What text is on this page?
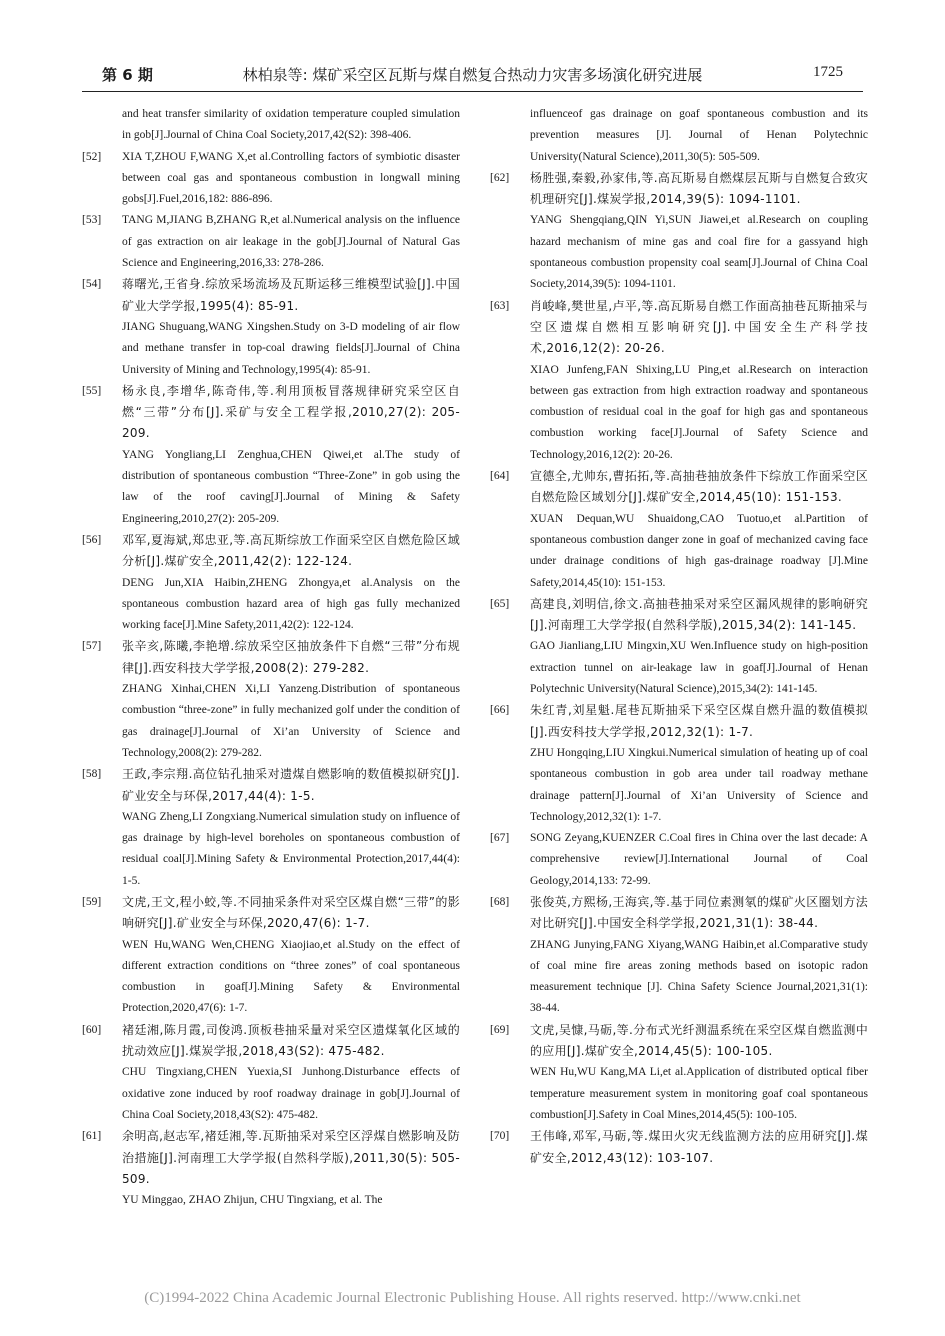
第 6 期	林柏泉等: 煤矿采空区瓦斯与煤自燃复合热动力灾害多场演化研究进展	1725
and heat transfer similarity of oxidation temperature coupled simulation in gob[J].Journal of China Coal Society,2017,42(S2): 398-406.
[52]	XIA T,ZHOU F,WANG X,et al.Controlling factors of symbiotic disaster between coal gas and spontaneous combustion in longwall mining gobs[J].Fuel,2016,182: 886-896.
[53]	TANG M,JIANG B,ZHANG R,et al.Numerical analysis on the influence of gas extraction on air leakage in the gob[J].Journal of Natural Gas Science and Engineering,2016,33: 278-286.
[54]	蒋曙光,王省身.综放采场流场及瓦斯运移三维模型试验[J].中国矿业大学学报,1995(4): 85-91.
JIANG Shuguang,WANG Xingshen.Study on 3-D modeling of air flow and methane transfer in top-coal drawing fields[J].Journal of China University of Mining and Technology,1995(4): 85-91.
[55]	杨永良,李增华,陈奇伟,等.利用顶板冒落规律研究采空区自燃“三带”分布[J].采矿与安全工程学报,2010,27(2): 205-209.
YANG Yongliang,LI Zenghua,CHEN Qiwei,et al.The study of distribution of spontaneous combustion “Three-Zone” in gob using the law of the roof caving[J].Journal of Mining & Safety Engineering,2010,27(2): 205-209.
[56]	邓军,夏海斌,郑忠亚,等.高瓦斯综放工作面采空区自燃危险区域分析[J].煤矿安全,2011,42(2): 122-124.
DENG Jun,XIA Haibin,ZHENG Zhongya,et al.Analysis on the spontaneous combustion hazard area of high gas fully mechanized working face[J].Mine Safety,2011,42(2): 122-124.
[57]	张辛亥,陈曦,李艳增.综放采空区抽放条件下自燃“三带”分布规律[J].西安科技大学学报,2008(2): 279-282.
ZHANG Xinhai,CHEN Xi,LI Yanzeng.Distribution of spontaneous combustion “three-zone” in fully mechanized golf under the condition of gas drainage[J].Journal of Xi’an University of Science and Technology,2008(2): 279-282.
[58]	王政,李宗翔.高位钻孔抽采对遗煤自燃影响的数值模拟研究[J].矿业安全与环保,2017,44(4): 1-5.
WANG Zheng,LI Zongxiang.Numerical simulation study on influence of gas drainage by high-level boreholes on spontaneous combustion of residual coal[J].Mining Safety & Environmental Protection,2017,44(4): 1-5.
[59]	文虎,王文,程小蛟,等.不同抽采条件对采空区煤自燃“三带”的影响研究[J].矿业安全与环保,2020,47(6): 1-7.
WEN Hu,WANG Wen,CHENG Xiaojiao,et al.Study on the effect of different extraction conditions on “three zones” of coal spontaneous combustion in goaf[J].Mining Safety & Environmental Protection,2020,47(6): 1-7.
[60]	褚廷湘,陈月霞,司俊鸿.顶板巷抽采量对采空区遗煤氧化区域的扰动效应[J].煤炭学报,2018,43(S2): 475-482.
CHU Tingxiang,CHEN Yuexia,SI Junhong.Disturbance effects of oxidative zone induced by roof roadway drainage in gob[J].Journal of China Coal Society,2018,43(S2): 475-482.
[61]	余明高,赵志军,褚廷湘,等.瓦斯抽采对采空区浮煤自燃影响及防治措施[J].河南理工大学学报(自然科学版),2011,30(5): 505-509.
YU Minggao, ZHAO Zhijun, CHU Tingxiang, et al. The
influenceof gas drainage on goaf spontaneous combustion and its prevention measures [J]. Journal of Henan Polytechnic University(Natural Science),2011,30(5): 505-509.
[62]	杨胜强,秦毅,孙家伟,等.高瓦斯易自燃煤层瓦斯与自燃复合致灾机理研究[J].煤炭学报,2014,39(5): 1094-1101.
YANG Shengqiang,QIN Yi,SUN Jiawei,et al.Research on coupling hazard mechanism of mine gas and coal fire for a gassyand high spontaneous combustion propensity coal seam[J].Journal of China Coal Society,2014,39(5): 1094-1101.
[63]	肖峻峰,樊世星,卢平,等.高瓦斯易自燃工作面高抽巷瓦斯抽采与空区遗煤自燃相互影响研究[J].中国安全生产科学技术,2016,12(2): 20-26.
XIAO Junfeng,FAN Shixing,LU Ping,et al.Research on interaction between gas extraction from high extraction roadway and spontaneous combustion of residual coal in the goaf for high gas and spontaneous combustion working face[J].Journal of Safety Science and Technology,2016,12(2): 20-26.
[64]	宣德全,尤帅东,曹拓拓,等.高抽巷抽放条件下综放工作面采空区自燃危险区域划分[J].煤矿安全,2014,45(10): 151-153.
XUAN Dequan,WU Shuaidong,CAO Tuotuo,et al.Partition of spontaneous combustion danger zone in goaf of mechanized caving face under drainage conditions of high gas-drainage roadway [J].Mine Safety,2014,45(10): 151-153.
[65]	高建良,刘明信,徐文.高抽巷抽采对采空区漏风规律的影响研究[J].河南理工大学学报(自然科学版),2015,34(2): 141-145.
GAO Jianliang,LIU Mingxin,XU Wen.Influence study on high-position extraction tunnel on air-leakage law in goaf[J].Journal of Henan Polytechnic University(Natural Science),2015,34(2): 141-145.
[66]	朱红青,刘星魁.尾巷瓦斯抽采下采空区煤自燃升温的数值模拟[J].西安科技大学学报,2012,32(1): 1-7.
ZHU Hongqing,LIU Xingkui.Numerical simulation of heating up of coal spontaneous combustion in gob area under tail roadway methane drainage pattern[J].Journal of Xi’an University of Science and Technology,2012,32(1): 1-7.
[67]	SONG Zeyang,KUENZER C.Coal fires in China over the last decade: A comprehensive review[J].International Journal of Coal Geology,2014,133: 72-99.
[68]	张俊英,方熙杨,王海宾,等.基于同位素测氡的煤矿火区圈划方法对比研究[J].中国安全科学学报,2021,31(1): 38-44.
ZHANG Junying,FANG Xiyang,WANG Haibin,et al.Comparative study of coal mine fire areas zoning methods based on isotopic radon measurement technique [J]. China Safety Science Journal,2021,31(1): 38-44.
[69]	文虎,吴慷,马砺,等.分布式光纤测温系统在采空区煤自燃监测中的应用[J].煤矿安全,2014,45(5): 100-105.
WEN Hu,WU Kang,MA Li,et al.Application of distributed optical fiber temperature measurement system in monitoring goaf coal spontaneous combustion[J].Safety in Coal Mines,2014,45(5): 100-105.
[70]	王伟峰,邓军,马砺,等.煤田火灾无线监测方法的应用研究[J].煤矿安全,2012,43(12): 103-107.
(C)1994-2022 China Academic Journal Electronic Publishing House. All rights reserved. http://www.cnki.net
